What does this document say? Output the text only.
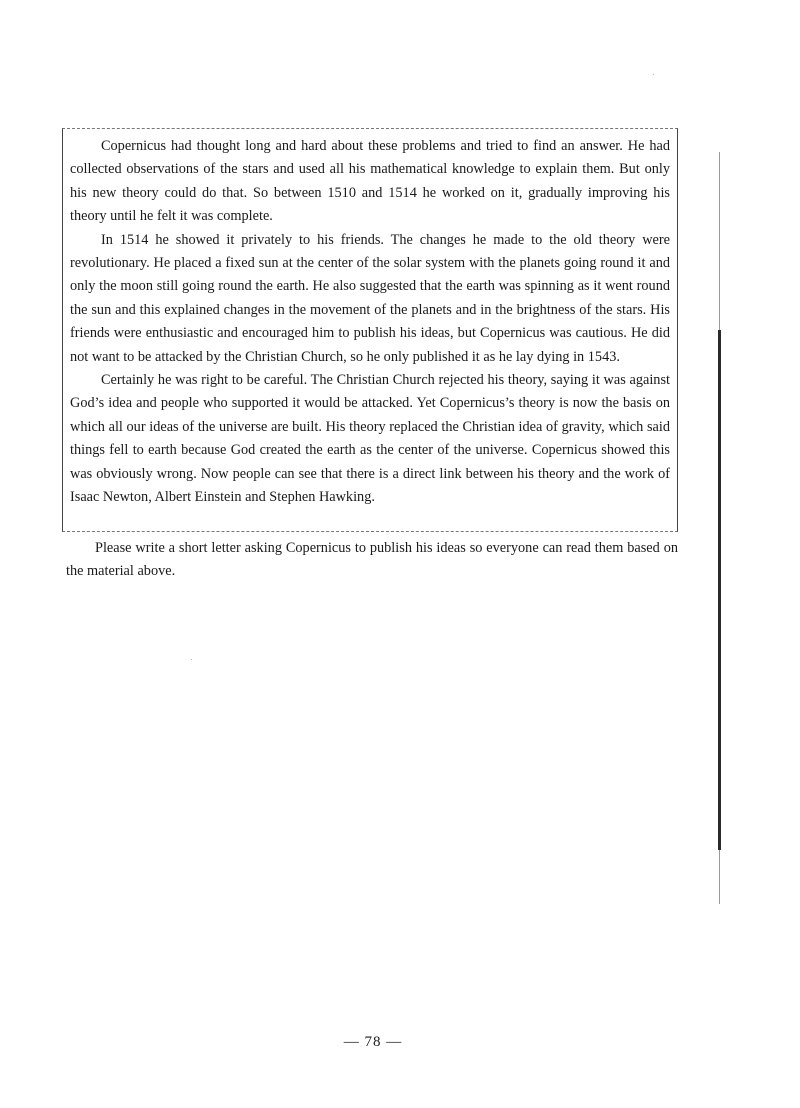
Copernicus had thought long and hard about these problems and tried to find an answer. He had collected observations of the stars and used all his mathematical knowledge to explain them. But only his new theory could do that. So between 1510 and 1514 he worked on it, gradually improving his theory until he felt it was complete.

In 1514 he showed it privately to his friends. The changes he made to the old theory were revolutionary. He placed a fixed sun at the center of the solar system with the planets going round it and only the moon still going round the earth. He also suggested that the earth was spinning as it went round the sun and this explained changes in the movement of the planets and in the brightness of the stars. His friends were enthusiastic and encouraged him to publish his ideas, but Copernicus was cautious. He did not want to be attacked by the Christian Church, so he only published it as he lay dying in 1543.

Certainly he was right to be careful. The Christian Church rejected his theory, saying it was against God’s idea and people who supported it would be attacked. Yet Copernicus’s theory is now the basis on which all our ideas of the universe are built. His theory replaced the Christian idea of gravity, which said things fell to earth because God created the earth as the center of the universe. Copernicus showed this was obviously wrong. Now people can see that there is a direct link between his theory and the work of Isaac Newton, Albert Einstein and Stephen Hawking.

Please write a short letter asking Copernicus to publish his ideas so everyone can read them based on the material above.

— 78 —
